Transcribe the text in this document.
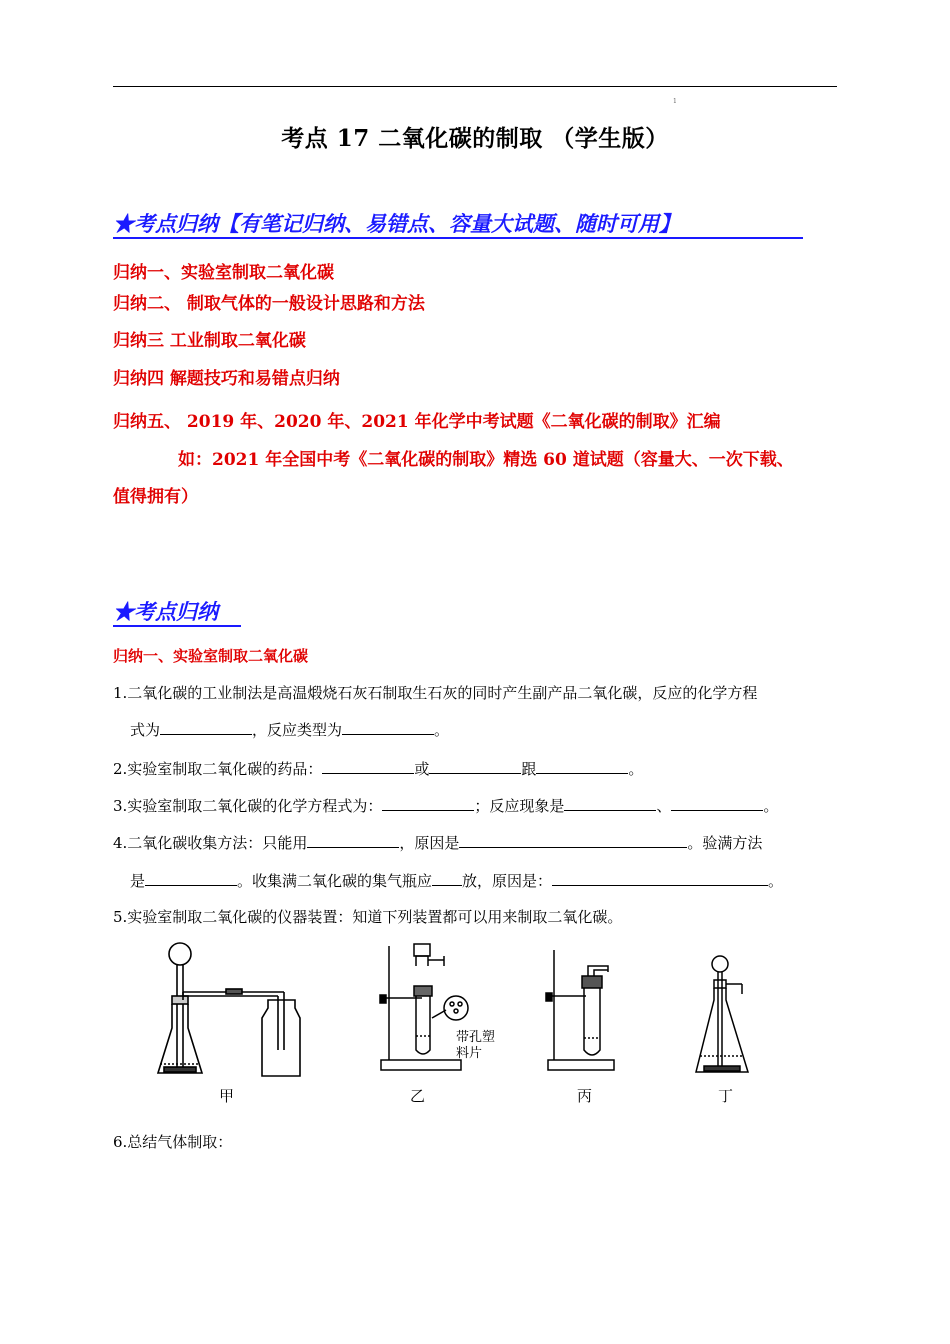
1
考点 17 二氧化碳的制取 （学生版）
★考点归纳【有笔记归纳、易错点、容量大试题、随时可用】
归纳一、实验室制取二氧化碳
归纳二、 制取气体的一般设计思路和方法
归纳三 工业制取二氧化碳
归纳四 解题技巧和易错点归纳
归纳五、 2019 年、2020 年、2021 年化学中考试题《二氧化碳的制取》汇编
如：2021 年全国中考《二氧化碳的制取》精选 60 道试题（容量大、一次下载、
值得拥有）
★考点归纳
归纳一、实验室制取二氧化碳
1.二氧化碳的工业制法是高温煅烧石灰石制取生石灰的同时产生副产品二氧化碳，反应的化学方程
式为	，反应类型为	。
2.实验室制取二氧化碳的药品：	或	跟	。
3.实验室制取二氧化碳的化学方程式为：	；反应现象是	、	。
4.二氧化碳收集方法：只能用	，原因是	。验满方法
是	。收集满二氧化碳的集气瓶应 放，原因是：	。
5.实验室制取二氧化碳的仪器装置：知道下列装置都可以用来制取二氧化碳。
甲
带孔塑
料片
乙	丙	丁
6.总结气体制取：
